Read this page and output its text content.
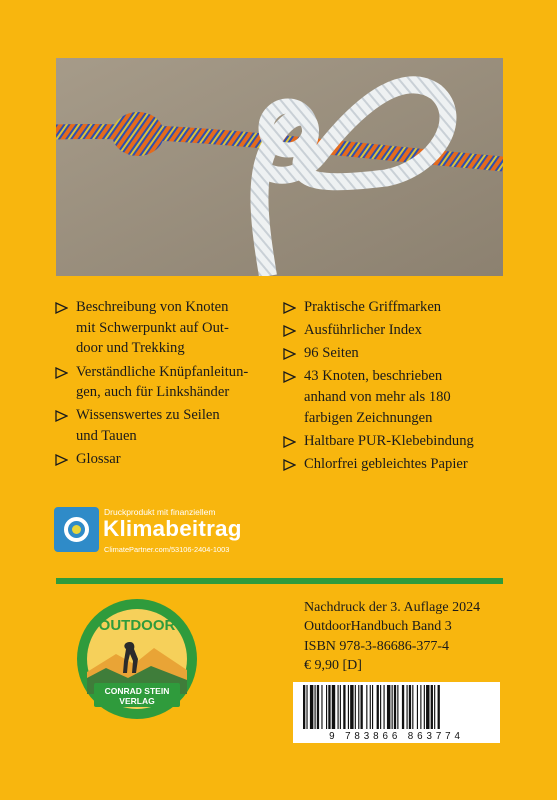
Beschreibung von Knoten
mit Schwerpunkt auf Out-
door und Trekking
Verständliche Knüpfanleitun-
gen, auch für Linkshänder
Wissenswertes zu Seilen
und Tauen
Glossar
Praktische Griffmarken
Ausführlicher Index
96 Seiten
43 Knoten, beschrieben
anhand von mehr als 180
farbigen Zeichnungen
Haltbare PUR-Klebebindung
Chlorfrei gebleichtes Papier
Druckprodukt mit finanziellem
Klimabeitrag
ClimatePartner.com/53106-2404-1003
OUTDOOR
CONRAD STEIN
VERLAG
Nachdruck der 3. Auflage 2024
OutdoorHandbuch Band 3
ISBN 978-3-86686-377-4
€ 9,90 [D]
9 783866 863774
